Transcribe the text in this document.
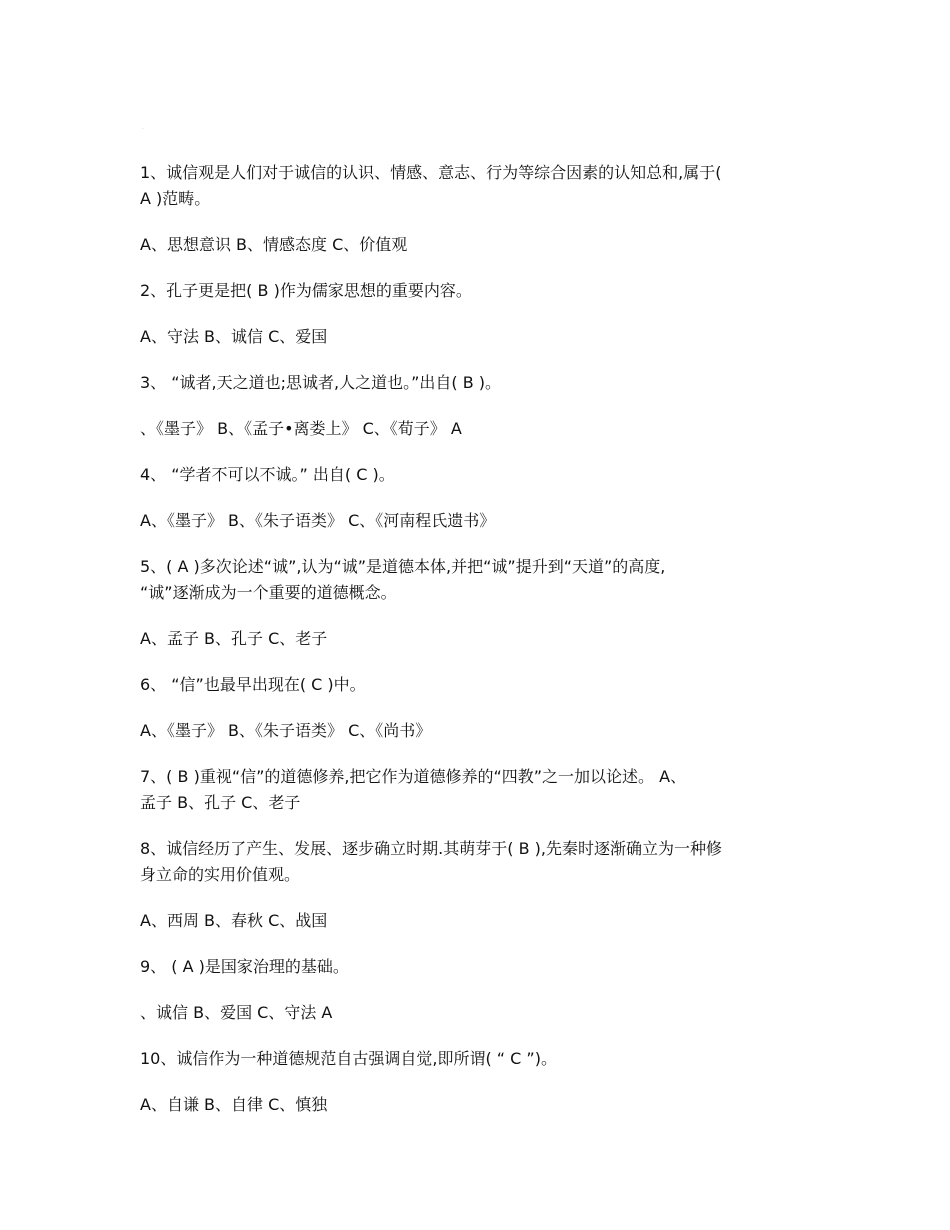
·
1、诚信观是人们对于诚信的认识、情感、意志、行为等综合因素的认知总和,属于(
A )范畴。
A、思想意识 B、情感态度 C、价值观
2、孔子更是把( B )作为儒家思想的重要内容。
A、守法 B、诚信 C、爱国
3、 “诚者,天之道也;思诚者,人之道也。”出自( B )。
、《墨子》 B、《孟子•离娄上》 C、《荀子》 A
4、 “学者不可以不诚。” 出自( C )。
A、《墨子》 B、《朱子语类》 C、《河南程氏遗书》
5、( A )多次论述“诚”,认为“诚”是道德本体,并把“诚”提升到“天道”的高度,
“诚”逐渐成为一个重要的道德概念。
A、孟子 B、孔子 C、老子
6、 “信”也最早出现在( C )中。
A、《墨子》 B、《朱子语类》 C、《尚书》
7、( B )重视“信”的道德修养,把它作为道德修养的“四教”之一加以论述。 A、
孟子 B、孔子 C、老子
8、诚信经历了产生、发展、逐步确立时期.其萌芽于( B ),先秦时逐渐确立为一种修
身立命的实用价值观。
A、西周 B、春秋 C、战国
9、 ( A )是国家治理的基础。
、诚信 B、爱国 C、守法 A
10、诚信作为一种道德规范自古强调自觉,即所谓( “ C ”)。
A、自谦 B、自律 C、慎独
